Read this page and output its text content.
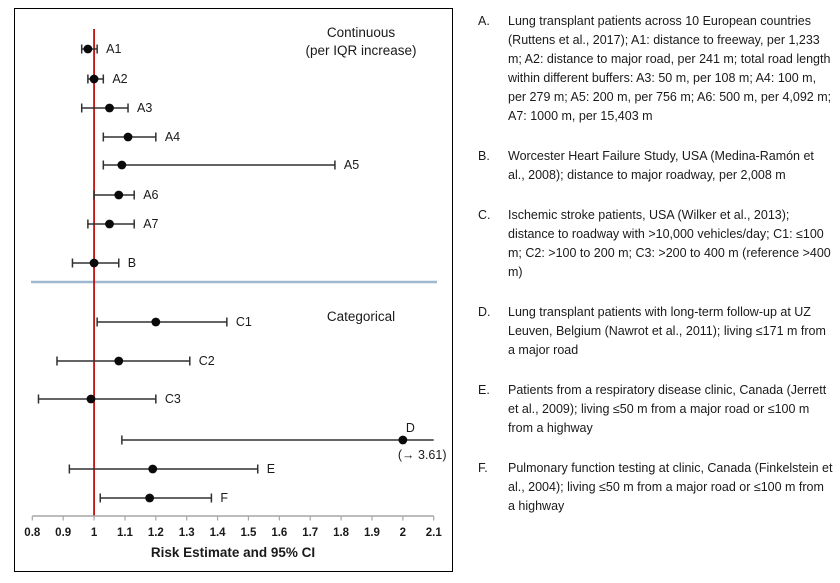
Continuous
(per IQR increase)
Categorical
A1
A2
A3
A4
A5
A6
A7
B
C1
C2
C3
D
(→ 3.61)
E
F
0.8 0.9 1 1.1 1.2 1.3 1.4 1.5 1.6 1.7 1.8 1.9 2 2.1
Risk Estimate and 95% CI
A.	Lung transplant patients across 10 European countries (Ruttens et al., 2017); A1: distance to freeway, per 1,233 m; A2: distance to major road, per 241 m; total road length within different buffers: A3: 50 m, per 108 m; A4: 100 m, per 279 m; A5: 200 m, per 756 m; A6: 500 m, per 4,092 m; A7: 1000 m, per 15,403 m
B.	Worcester Heart Failure Study, USA (Medina-Ramón et al., 2008); distance to major roadway, per 2,008 m
C.	Ischemic stroke patients, USA (Wilker et al., 2013); distance to roadway with >10,000 vehicles/day; C1: ≤100 m; C2: >100 to 200 m; C3: >200 to 400 m (reference >400 m)
D.	Lung transplant patients with long-term follow-up at UZ Leuven, Belgium (Nawrot et al., 2011); living ≤171 m from a major road
E.	Patients from a respiratory disease clinic, Canada (Jerrett et al., 2009); living ≤50 m from a major road or ≤100 m from a highway
F.	Pulmonary function testing at clinic, Canada (Finkelstein et al., 2004); living ≤50 m from a major road or ≤100 m from a highway
